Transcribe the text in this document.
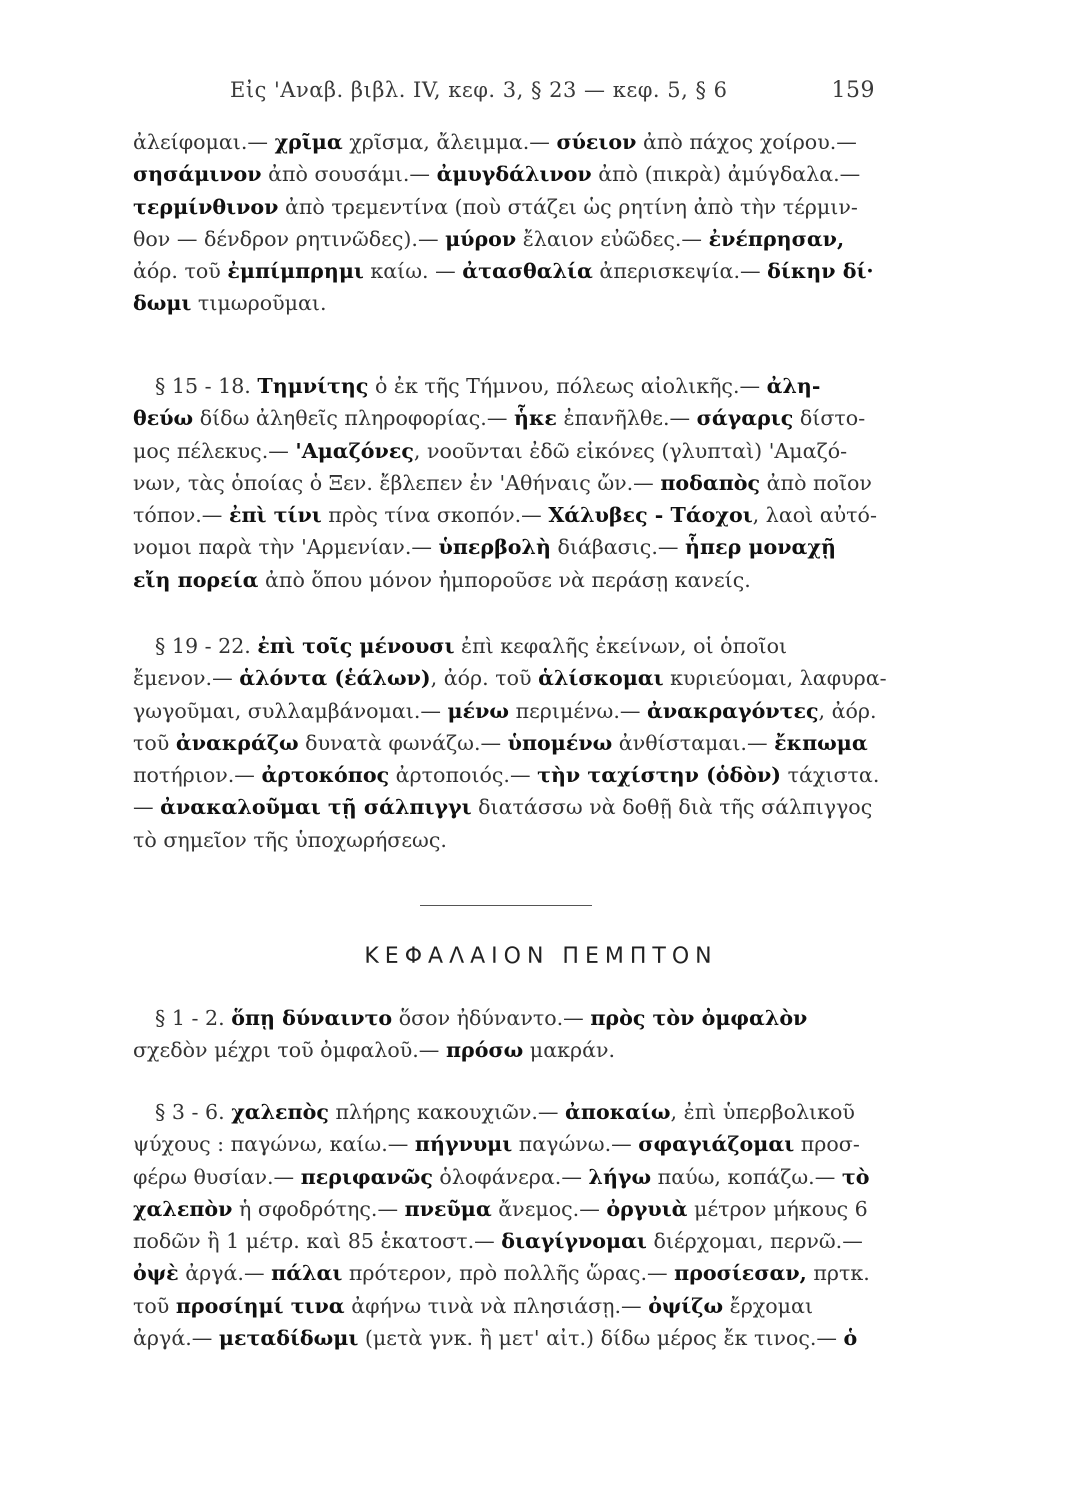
Εἰς 'Αναβ. βιβλ. IV, κεφ. 3, § 23 — κεφ. 5, § 6	159
ἀλείφομαι.— χρῖμα χρῖσμα, ἄλειμμα.— σύειον ἀπὸ πάχος χοίρου.—
σησάμινον ἀπὸ σουσάμι.— ἀμυγδάλινον ἀπὸ (πικρὰ) ἀμύγδαλα.—
τερμίνθινον ἀπὸ τρεμεντίνα (ποὺ στάζει ὡς ρητίνη ἀπὸ τὴν τέρμιν-
θον — δένδρον ρητινῶδες).— μύρον ἔλαιον εὐῶδες.— ἐνέπρησαν,
ἀόρ. τοῦ ἐμπίμπρημι καίω. — ἀτασθαλία ἀπερισκεψία.— δίκην δί·
δωμι τιμωροῦμαι.
§ 15 - 18. Τημνίτης ὁ ἐκ τῆς Τήμνου, πόλεως αἰολικῆς.— ἀλη-
θεύω δίδω ἀληθεῖς πληροφορίας.— ἧκε ἐπανῆλθε.— σάγαρις δίστο-
μος πέλεκυς.— 'Αμαζόνες, νοοῦνται ἐδῶ εἰκόνες (γλυπταὶ) 'Αμαζό-
νων, τὰς ὁποίας ὁ Ξεν. ἔβλεπεν ἐν 'Αθήναις ὤν.— ποδαπὸς ἀπὸ ποῖον
τόπον.— ἐπὶ τίνι πρὸς τίνα σκοπόν.— Χάλυβες - Τάοχοι, λαοὶ αὐτό-
νομοι παρὰ τὴν 'Αρμενίαν.— ὑπερβολὴ διάβασις.— ἧπερ μοναχῇ
εἴη πορεία ἀπὸ ὅπου μόνον ἠμποροῦσε νὰ περάσῃ κανείς.
§ 19 - 22. ἐπὶ τοῖς μένουσι ἐπὶ κεφαλῆς ἐκείνων, οἱ ὁποῖοι
ἔμενον.— ἁλόντα (ἑάλων), ἀόρ. τοῦ ἁλίσκομαι κυριεύομαι, λαφυρα-
γωγοῦμαι, συλλαμβάνομαι.— μένω περιμένω.— ἀνακραγόντες, ἀόρ.
τοῦ ἀνακράζω δυνατὰ φωνάζω.— ὑπομένω ἀνθίσταμαι.— ἔκπωμα
ποτήριον.— ἀρτοκόπος ἀρτοποιός.— τὴν ταχίστην (ὁδὸν) τάχιστα.
— ἀνακαλοῦμαι τῇ σάλπιγγι διατάσσω νὰ δοθῇ διὰ τῆς σάλπιγγος
τὸ σημεῖον τῆς ὑποχωρήσεως.
ΚΕΦΑΛΑΙΟΝ ΠΕΜΠΤΟΝ
§ 1 - 2. ὅπῃ δύναιντο ὅσον ἠδύναντο.— πρὸς τὸν ὀμφαλὸν
σχεδὸν μέχρι τοῦ ὀμφαλοῦ.— πρόσω μακράν.
§ 3 - 6. χαλεπὸς πλήρης κακουχιῶν.— ἀποκαίω, ἐπὶ ὑπερβολικοῦ
ψύχους : παγώνω, καίω.— πήγνυμι παγώνω.— σφαγιάζομαι προσ-
φέρω θυσίαν.— περιφανῶς ὁλοφάνερα.— λήγω παύω, κοπάζω.— τὸ
χαλεπὸν ἡ σφοδρότης.— πνεῦμα ἄνεμος.— ὀργυιὰ μέτρον μήκους 6
ποδῶν ἢ 1 μέτρ. καὶ 85 ἑκατοστ.— διαγίγνομαι διέρχομαι, περνῶ.—
ὀψὲ ἀργά.— πάλαι πρότερον, πρὸ πολλῆς ὥρας.— προσίεσαν, πρτκ.
τοῦ προσίημί τινα ἀφήνω τινὰ νὰ πλησιάσῃ.— ὀψίζω ἔρχομαι
ἀργά.— μεταδίδωμι (μετὰ γνκ. ἢ μετ' αἰτ.) δίδω μέρος ἔκ τινος.— ὁ
